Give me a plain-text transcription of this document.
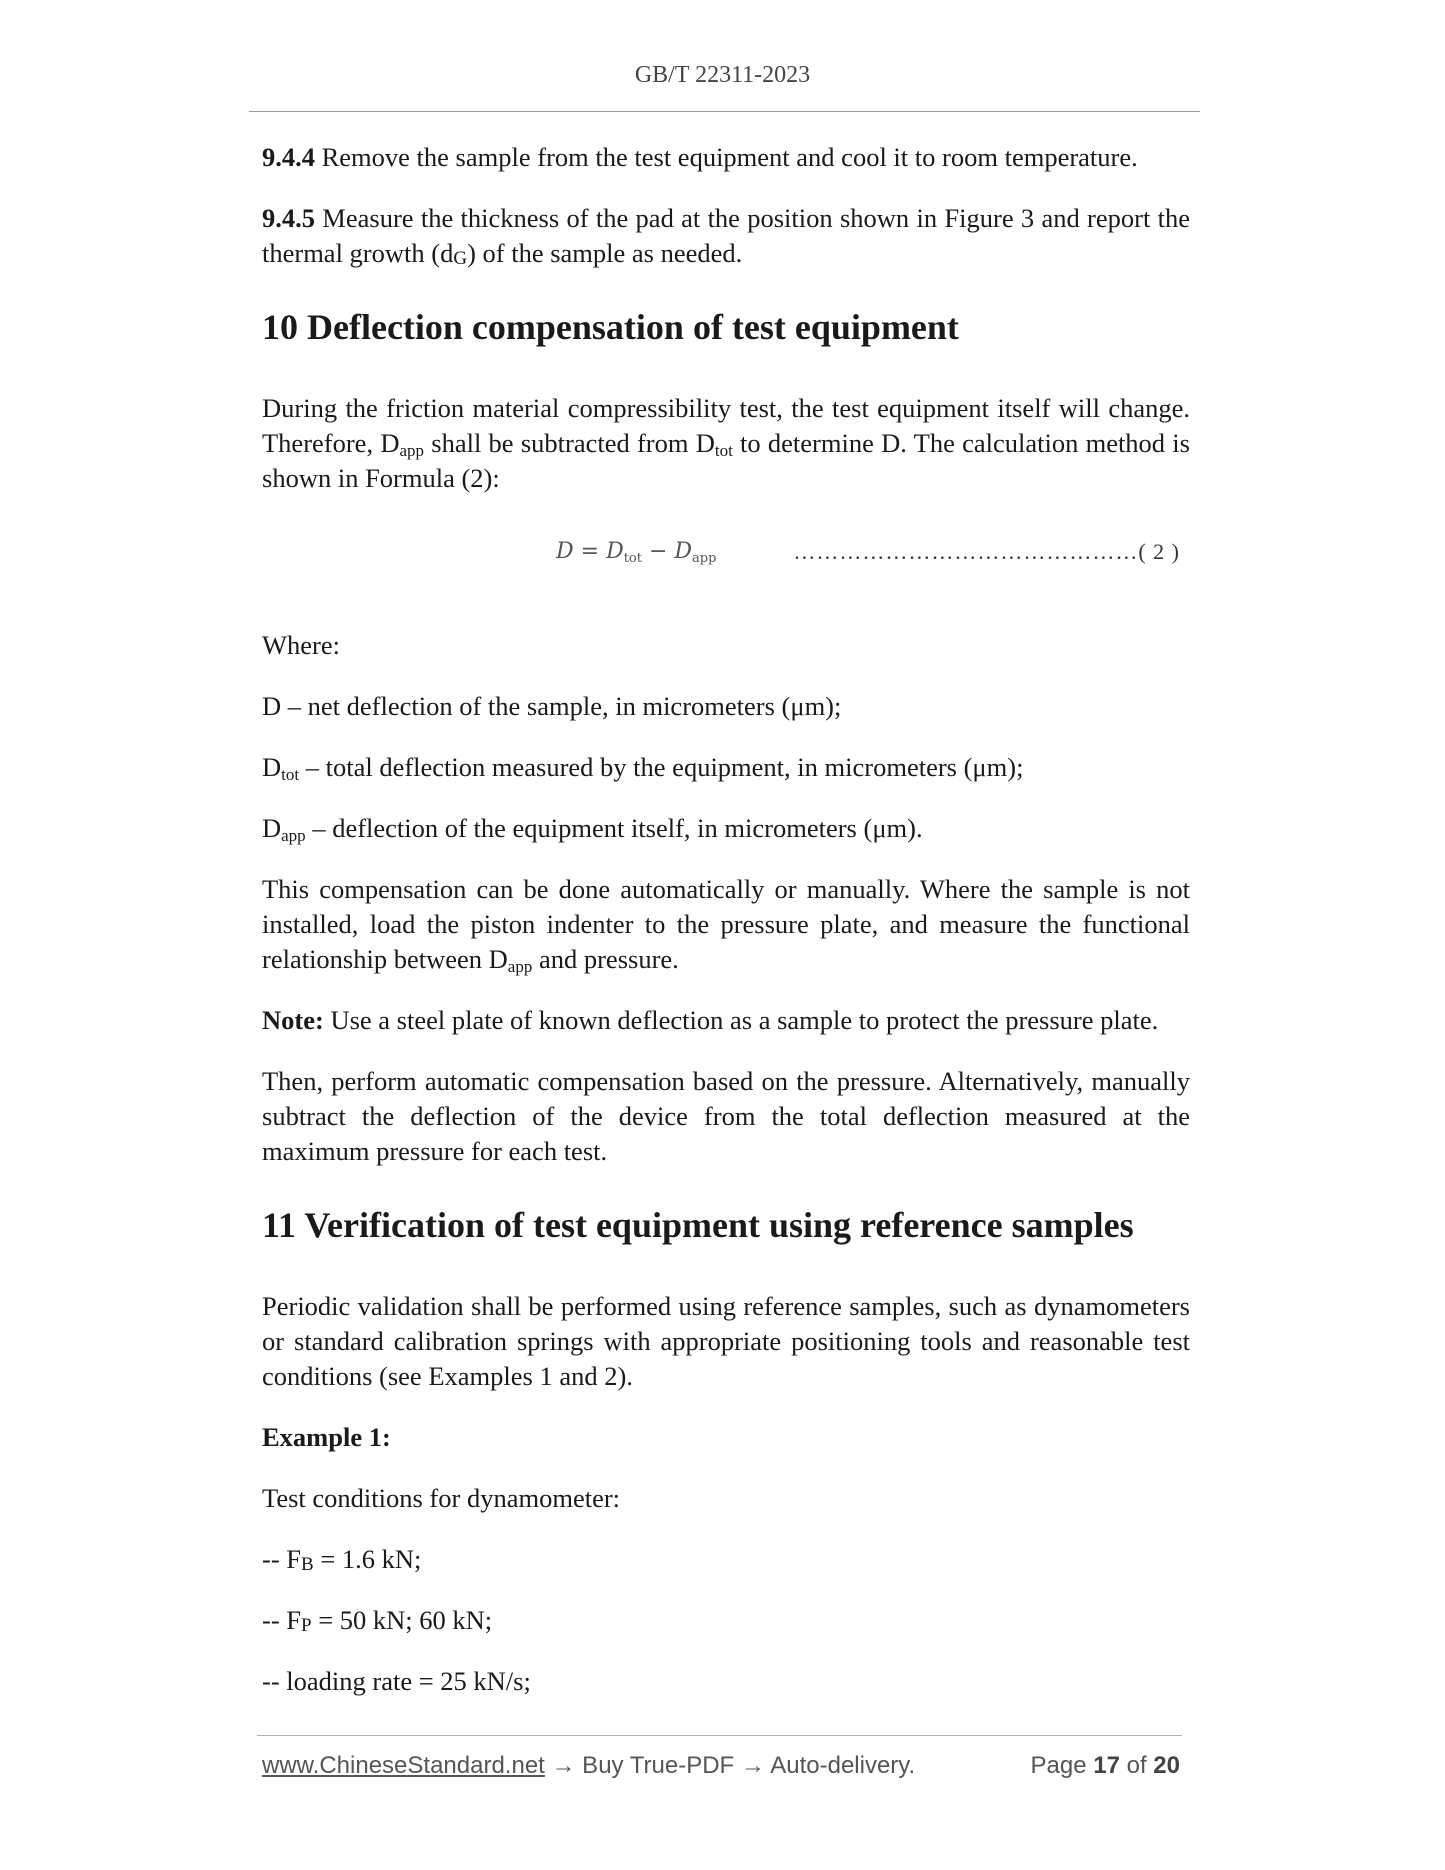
GB/T 22311-2023

9.4.4 Remove the sample from the test equipment and cool it to room temperature.

9.4.5 Measure the thickness of the pad at the position shown in Figure 3 and report the thermal growth $(d_G)$ of the sample as needed.

10 Deflection compensation of test equipment

During the friction material compressibility test, the test equipment itself will change. Therefore, $D_{app}$ shall be subtracted from $D_{tot}$ to determine D. The calculation method is shown in Formula (2):

$D = D_{tot} - D_{app}$	………………………………………( 2 )

Where:

D – net deflection of the sample, in micrometers (μm);

$D_{tot}$ – total deflection measured by the equipment, in micrometers (μm);

$D_{app}$ – deflection of the equipment itself, in micrometers (μm).

This compensation can be done automatically or manually. Where the sample is not installed, load the piston indenter to the pressure plate, and measure the functional relationship between $D_{app}$ and pressure.

Note: Use a steel plate of known deflection as a sample to protect the pressure plate.

Then, perform automatic compensation based on the pressure. Alternatively, manually subtract the deflection of the device from the total deflection measured at the maximum pressure for each test.

11 Verification of test equipment using reference samples

Periodic validation shall be performed using reference samples, such as dynamometers or standard calibration springs with appropriate positioning tools and reasonable test conditions (see Examples 1 and 2).

Example 1:

Test conditions for dynamometer:

-- $F_B = 1.6$ kN;

-- $F_P = 50$ kN; 60 kN;

-- loading rate = 25 kN/s;

www.ChineseStandard.net → Buy True-PDF → Auto-delivery.	Page 17 of 20
